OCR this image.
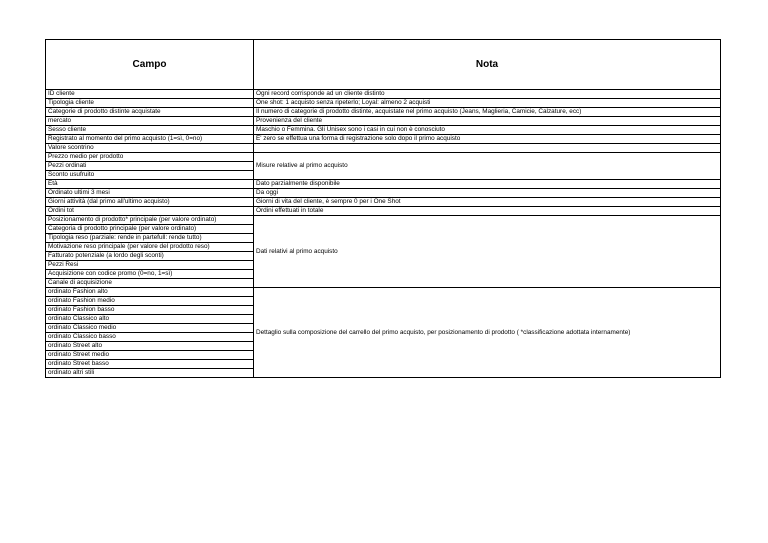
Campo	Nota
ID cliente	Ogni record corrisponde ad un cliente distinto
Tipologia cliente	One shot: 1 acquisto senza ripeterlo; Loyal: almeno 2 acquisti
Categorie di prodotto distinte acquistate	Il numero di categorie di prodotto distinte, acquistate nel primo acquisto (Jeans, Maglieria, Camicie, Calzature, ecc)
mercato	Provenienza del cliente
Sesso cliente	Maschio o Femmina. Gli Unisex sono i casi in cui non è conosciuto
Registrato al momento del primo acquisto (1=sì, 0=no)	E' zero se effettua una forma di registrazione solo dopo il primo acquisto
Valore scontrino	
Prezzo medio per prodotto	Misure relative al primo acquisto
Pezzi ordinati	
Sconto usufruito	
Età	Dato parzialmente disponibile
Ordinato ultimi 3 mesi	Da oggi
Giorni attività (dal primo all'ultimo acquisto)	Giorni di vita del cliente, è sempre 0 per i One Shot
Ordini tot	Ordini effettuati in totale
Posizionamento di prodotto* principale (per valore ordinato)	Dati relativi al primo acquisto
Categoria di prodotto principale (per valore ordinato)	
Tipologia reso (parziale: rende in partefull: rende tutto)	
Motivazione reso principale (per valore del prodotto reso)	
Fatturato potenziale (a lordo degli sconti)	
Pezzi Resi	
Acquisizione con codice promo (0=no, 1=sì)	
Canale di acquisizione	
ordinato Fashion alto	Dettaglio sulla composizione del carrello del primo acquisto, per posizionamento di prodotto ( *classificazione adottata internamente)
ordinato Fashion medio	
ordinato Fashion basso	
ordinato Classico alto	
ordinato Classico medio	
ordinato Classico basso	
ordinato Street alto	
ordinato Street medio	
ordinato Street basso	
ordinato altri stili	
